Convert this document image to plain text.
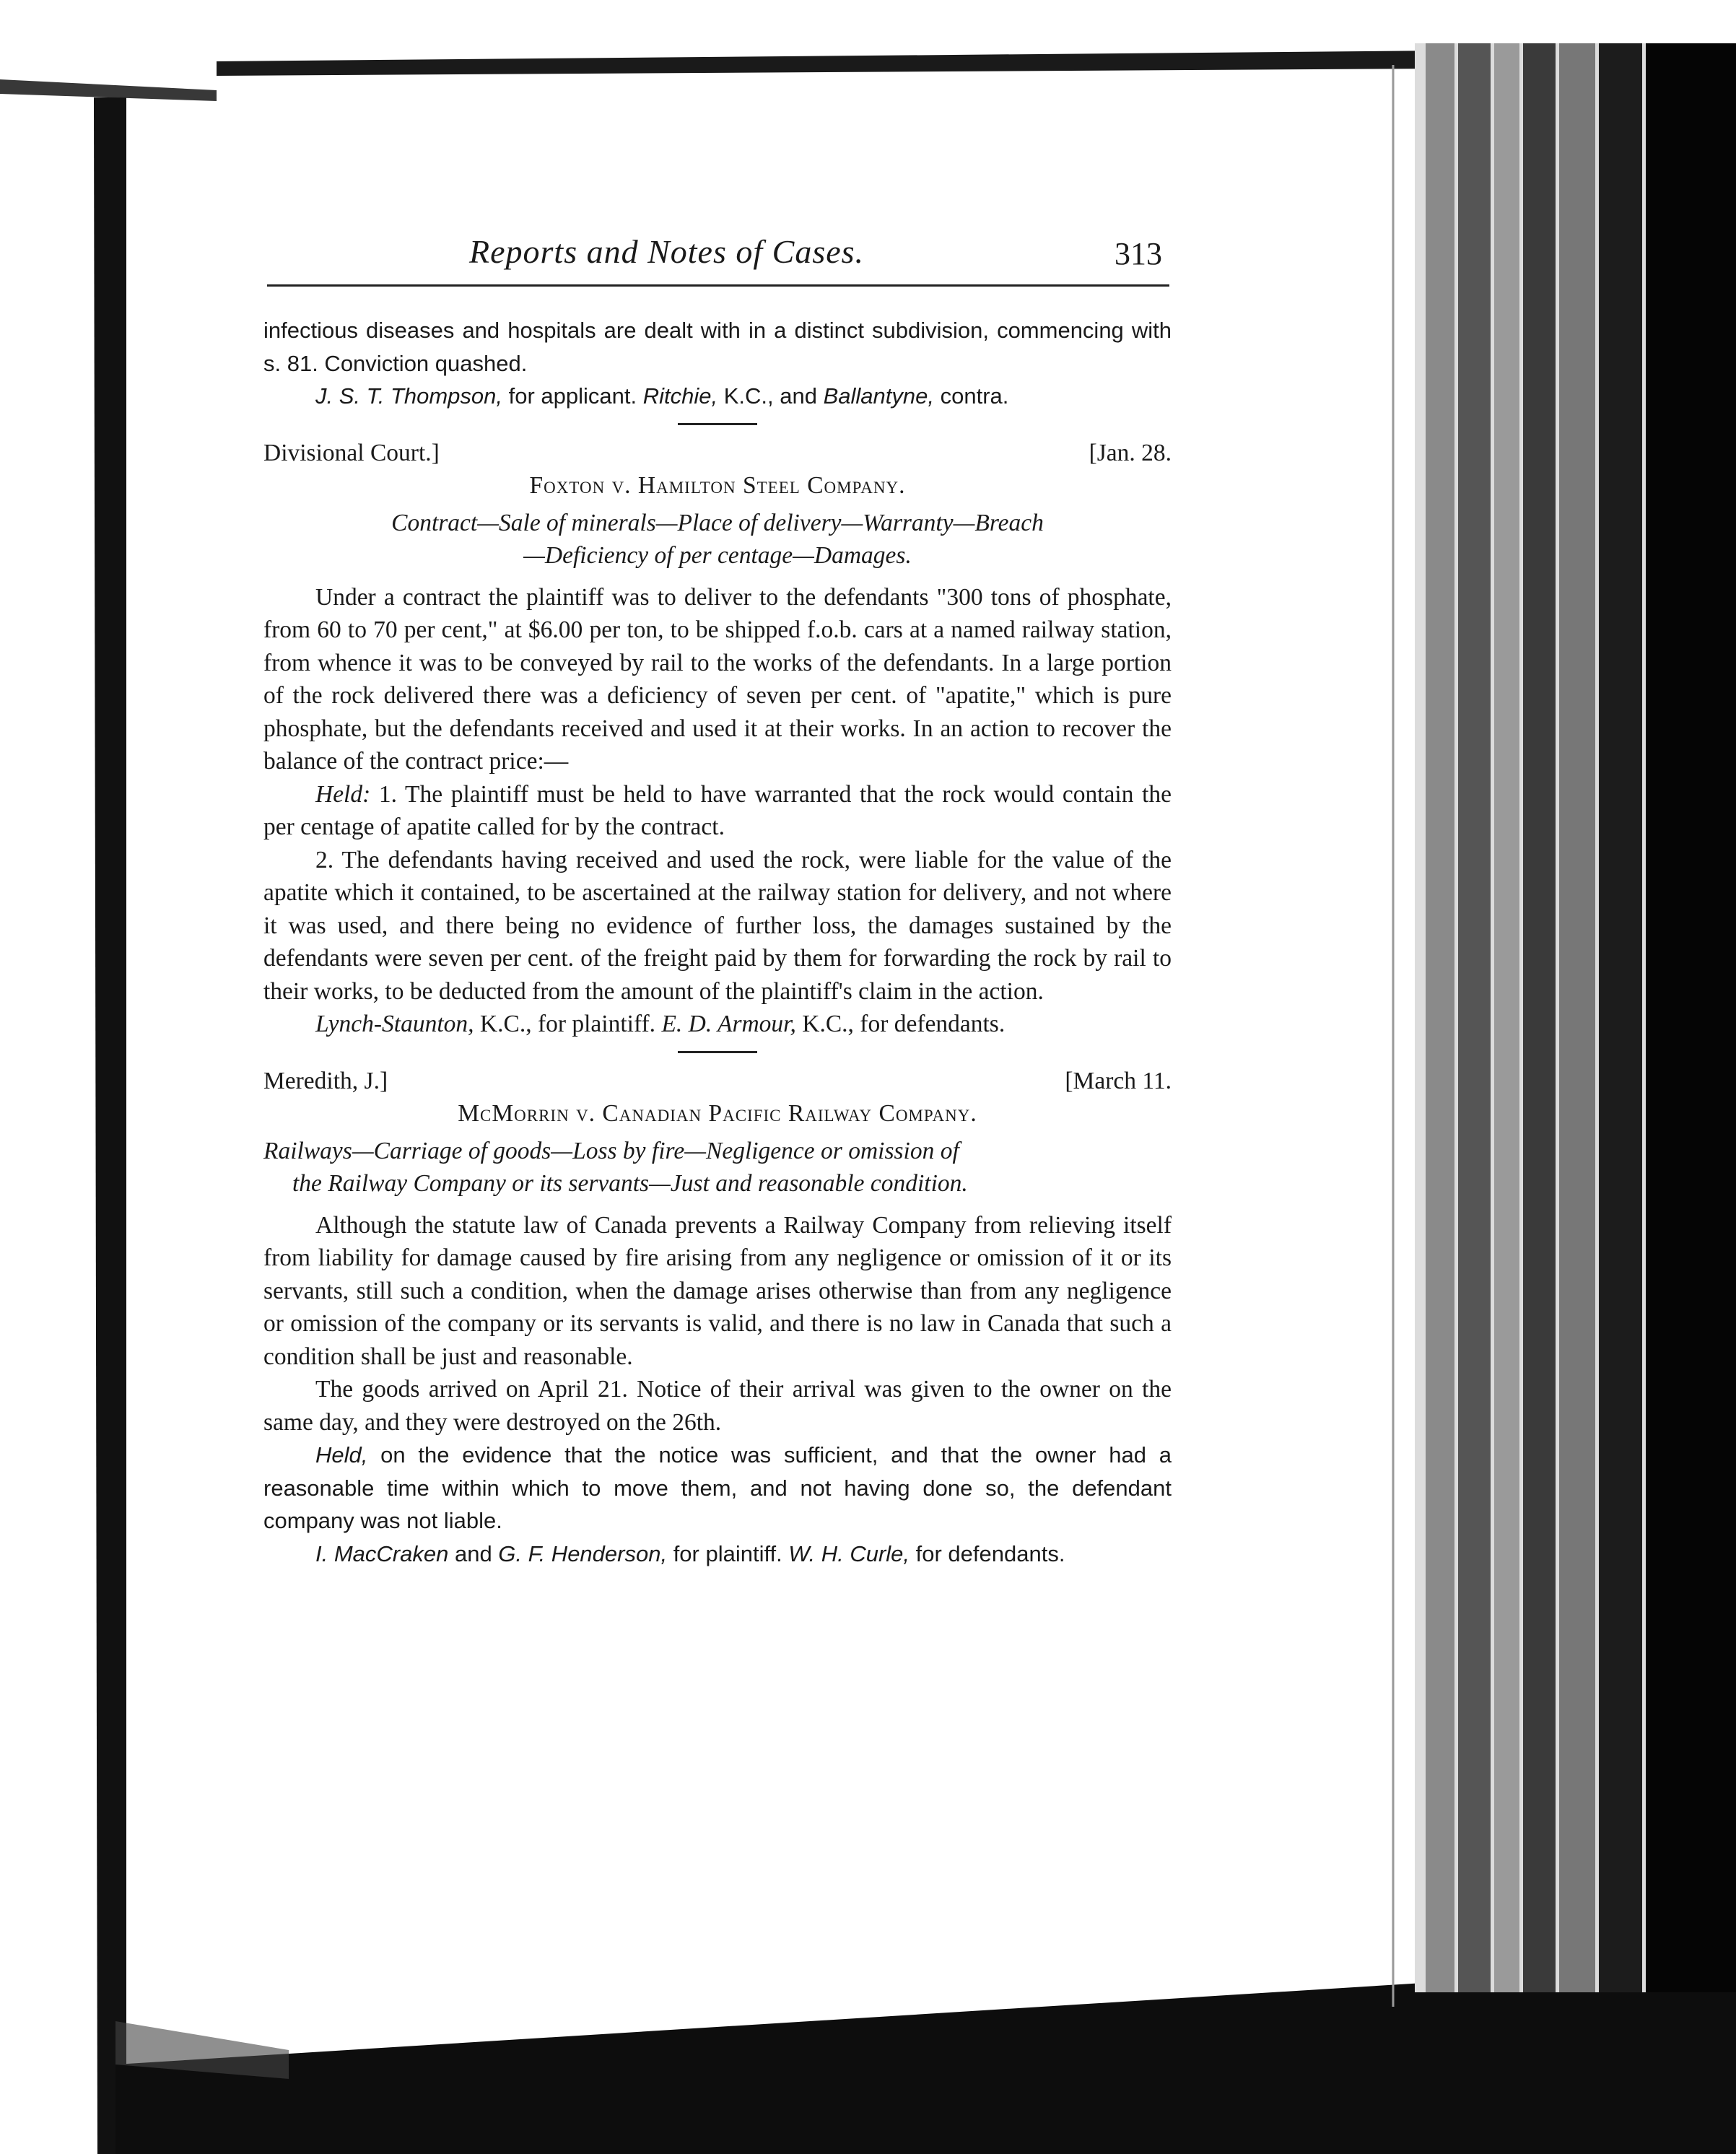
Reports and Notes of Cases.	313

infectious diseases and hospitals are dealt with in a distinct subdivision, commencing with s. 81. Conviction quashed.

J. S. T. Thompson, for applicant. Ritchie, K.C., and Ballantyne, contra.

Divisional Court.]	[Jan. 28.

Foxton v. Hamilton Steel Company.

Contract—Sale of minerals—Place of delivery—Warranty—Breach
—Deficiency of per centage—Damages.

Under a contract the plaintiff was to deliver to the defendants "300 tons of phosphate, from 60 to 70 per cent," at $6.00 per ton, to be shipped f.o.b. cars at a named railway station, from whence it was to be conveyed by rail to the works of the defendants. In a large portion of the rock delivered there was a deficiency of seven per cent. of "apatite," which is pure phosphate, but the defendants received and used it at their works. In an action to recover the balance of the contract price:—

Held: 1. The plaintiff must be held to have warranted that the rock would contain the per centage of apatite called for by the contract.

2. The defendants having received and used the rock, were liable for the value of the apatite which it contained, to be ascertained at the railway station for delivery, and not where it was used, and there being no evidence of further loss, the damages sustained by the defendants were seven per cent. of the freight paid by them for forwarding the rock by rail to their works, to be deducted from the amount of the plaintiff's claim in the action.

Lynch-Staunton, K.C., for plaintiff. E. D. Armour, K.C., for defendants.

Meredith, J.]	[March 11.

McMorrin v. Canadian Pacific Railway Company.

Railways—Carriage of goods—Loss by fire—Negligence or omission of
the Railway Company or its servants—Just and reasonable condition.

Although the statute law of Canada prevents a Railway Company from relieving itself from liability for damage caused by fire arising from any negligence or omission of it or its servants, still such a condition, when the damage arises otherwise than from any negligence or omission of the company or its servants is valid, and there is no law in Canada that such a condition shall be just and reasonable.

The goods arrived on April 21. Notice of their arrival was given to the owner on the same day, and they were destroyed on the 26th.

Held, on the evidence that the notice was sufficient, and that the owner had a reasonable time within which to move them, and not having done so, the defendant company was not liable.

I. MacCraken and G. F. Henderson, for plaintiff. W. H. Curle, for defendants.
